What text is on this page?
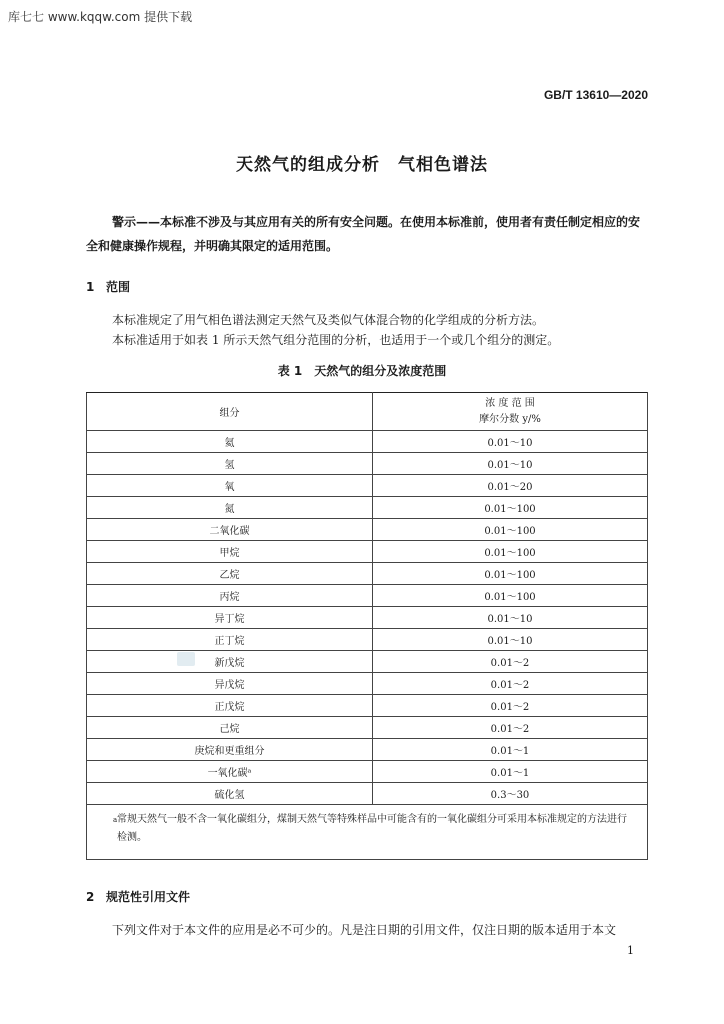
库七七 www.kqqw.com 提供下载
GB/T 13610—2020
天然气的组成分析　气相色谱法
警示——本标准不涉及与其应用有关的所有安全问题。在使用本标准前，使用者有责任制定相应的安全和健康操作规程，并明确其限定的适用范围。
1 范围
本标准规定了用气相色谱法测定天然气及类似气体混合物的化学组成的分析方法。
本标准适用于如表 1 所示天然气组分范围的分析，也适用于一个或几个组分的测定。
表 1　天然气的组分及浓度范围
组分	浓 度 范 围
摩尔分数 y/%

氦	0.01～10
氢	0.01～10
氧	0.01～20
氮	0.01～100
二氧化碳	0.01～100
甲烷	0.01～100
乙烷	0.01～100
丙烷	0.01～100
异丁烷	0.01～10
正丁烷	0.01～10
新戊烷	0.01～2
异戊烷	0.01～2
正戊烷	0.01～2
己烷	0.01～2
庚烷和更重组分	0.01～1
一氧化碳ᵃ	0.01～1
硫化氢	0.3～30

a 常规天然气一般不含一氧化碳组分，煤制天然气等特殊样品中可能含有的一氧化碳组分可采用本标准规定的方法进行检测。	
2 规范性引用文件
下列文件对于本文件的应用是必不可少的。凡是注日期的引用文件，仅注日期的版本适用于本文
1
